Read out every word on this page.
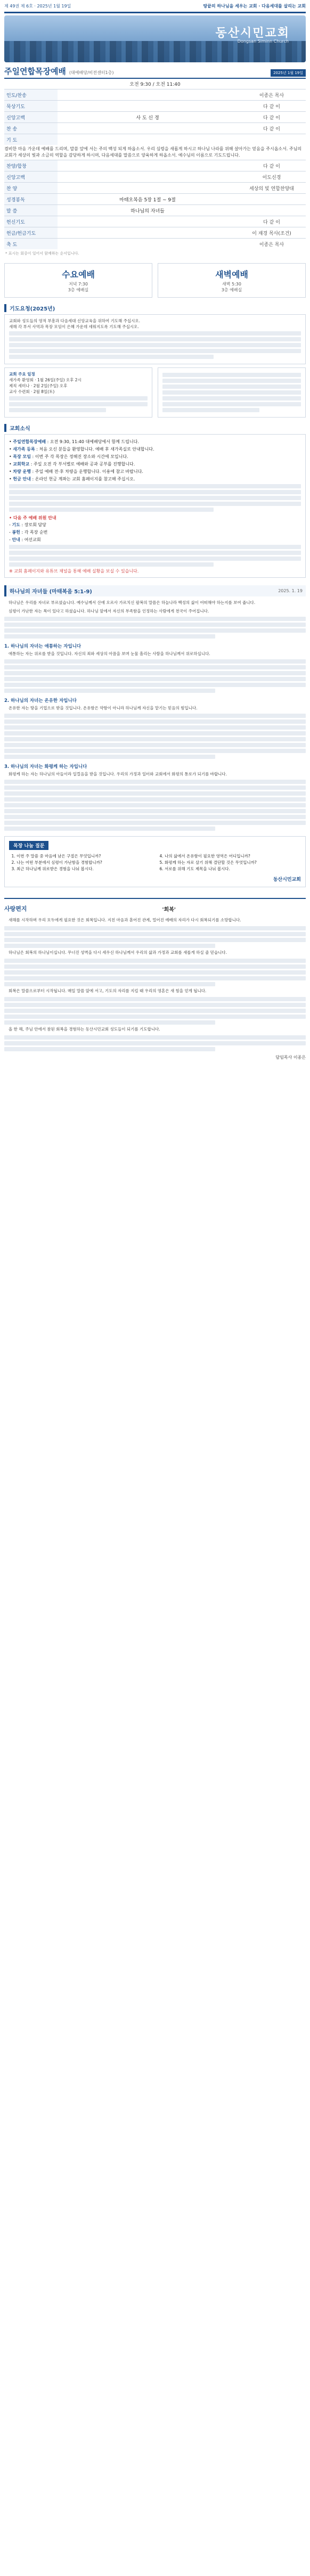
제 49권 제 6호 · 2025년 1월 19일	땅끝의 하나님을 세우는 교회 · 다음세대를 살리는 교회
동산시민교회
Dongsan Siminn Church
주일연합목장예배 (대예배당/비전센터1층)	2025년 1월 19일
오전 9:30 / 오전 11:40
인도/찬송		이종은 목사
묵상기도		다 같 이
신앙고백	사 도 신 경	다 같 이
찬 송		다 같 이
기 도		
겸비한 마음 가운데 예배를 드리며, 말씀 앞에 서는 주의 백성 되게 하옵소서. 우리 심령을 새롭게 하시고 하나님 나라를 위해 살아가는 믿음을 주시옵소서. 주님의 교회가 세상의 빛과 소금의 역할을 감당하게 하시며, 다음세대를 말씀으로 양육하게 하옵소서. 예수님의 이름으로 기도드립니다.
찬양/합창		다 같 이
신앙고백		이도신경
찬 양		세상의 빛 연합찬양대
성경봉독	마태오복음 5장 1절 ~ 9절	
말 씀	하나님의 자녀들	
헌신기도		다 같 이
헌금/헌금기도		이 재경 목사(조건)
축 도		이종은 목사
* 표시는 회중이 일어서 함께하는 순서입니다.
수요예배
저녁 7:30
3층 예배실
새벽예배
새벽 5:30
3층 예배실
기도요청(2025년)

교회와 성도들의 영적 부흥과 다음세대 신앙교육을 위하여 기도해 주십시오.

새해 각 부서 사역과 목장 모임이 은혜 가운데 세워지도록 기도해 주십시오.

교회 주요 일정

새가족 환영회 · 1월 26일(주일) 오후 2시

제직 세미나 · 2월 2일(주일) 오후

교사 수련회 · 2월 8일(토)

교회소식
• 주일연합목장예배 : 오전 9:30, 11:40 대예배당에서 함께 드립니다.
• 새가족 등록 : 처음 오신 분들을 환영합니다. 예배 후 새가족실로 안내합니다.
• 목장 모임 : 이번 주 각 목장은 정해진 장소와 시간에 모입니다.
• 교회학교 : 주일 오전 각 부서별로 예배와 공과 공부를 진행합니다.
• 차량 운행 : 주일 예배 전·후 차량을 운행합니다. 이용에 참고 바랍니다.
• 헌금 안내 : 온라인 헌금 계좌는 교회 홈페이지를 참고해 주십시오.
• 다음 주 예배 위원 안내
- 기도 : 장로회 담당
- 봉헌 : 각 목장 순번
- 안내 : 여선교회
※ 교회 홈페이지와 유튜브 채널을 통해 예배 실황을 보실 수 있습니다.
하나님의 자녀들 (마태복음 5:1-9)	2025. 1. 19

하나님은 우리를 자녀로 부르셨습니다. 예수님께서 산에 오르사 가르치신 팔복의 말씀은 하늘나라 백성의 삶이 어떠해야 하는지를 보여 줍니다.

심령이 가난한 자는 복이 있다고 하셨습니다. 하나님 앞에서 자신의 부족함을 인정하는 사람에게 천국이 주어집니다.

1. 하나님의 자녀는 애통하는 자입니다

애통하는 자는 위로를 받을 것입니다. 자신의 죄와 세상의 아픔을 보며 눈물 흘리는 사람을 하나님께서 위로하십니다.

2. 하나님의 자녀는 온유한 자입니다

온유한 자는 땅을 기업으로 받을 것입니다. 온유함은 약함이 아니라 하나님께 자신을 맡기는 믿음의 힘입니다.

3. 하나님의 자녀는 화평케 하는 자입니다

화평케 하는 자는 하나님의 아들이라 일컬음을 받을 것입니다. 우리의 가정과 일터와 교회에서 화평의 통로가 되기를 바랍니다.

목장 나눔 질문
1. 이번 주 말씀 중 마음에 남은 구절은 무엇입니까?
2. 나는 어떤 부분에서 심령이 가난함을 경험합니까?
3. 최근 하나님께 위로받은 경험을 나눠 봅시다.
4. 나의 삶에서 온유함이 필요한 영역은 어디입니까?
5. 화평케 하는 자로 살기 위해 결단할 것은 무엇입니까?
6. 서로를 위해 기도 제목을 나눠 봅시다.
동산시민교회
사랑편지	'회복'

새해를 시작하며 우리 모두에게 필요한 것은 회복입니다. 지친 마음과 흩어진 관계, 멀어진 예배의 자리가 다시 회복되기를 소망합니다.

하나님은 회복의 하나님이십니다. 무너진 성벽을 다시 세우신 하나님께서 우리의 삶과 가정과 교회를 새롭게 하실 줄 믿습니다.

회복은 말씀으로부터 시작됩니다. 매일 말씀 앞에 서고, 기도의 자리를 지킬 때 우리의 영혼은 새 힘을 얻게 됩니다.

올 한 해, 주님 안에서 참된 회복을 경험하는 동산시민교회 성도들이 되기를 기도합니다.

담임목사 이종은
